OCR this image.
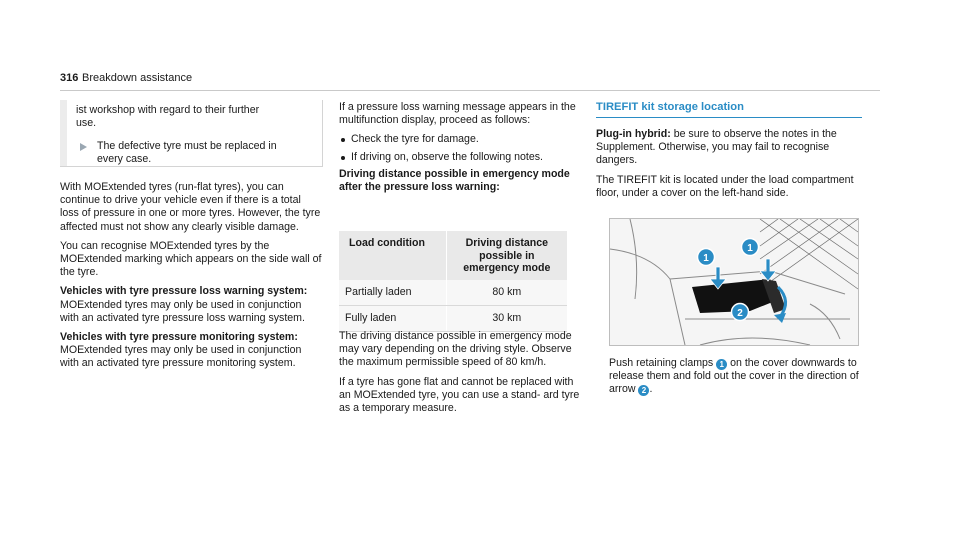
316 Breakdown assistance
ist workshop with regard to their further
use.
The defective tyre must be replaced in
every case.

With MOExtended tyres (run-flat tyres), you can continue to drive your vehicle even if there is a total loss of pressure in one or more tyres. However, the tyre affected must not show any clearly visible damage.

You can recognise MOExtended tyres by the MOExtended marking which appears on the side wall of the tyre.

Vehicles with tyre pressure loss warning system: MOExtended tyres may only be used in conjunction with an activated tyre pressure loss warning system.

Vehicles with tyre pressure monitoring system: MOExtended tyres may only be used in conjunction with an activated tyre pressure monitoring system.

If a pressure loss warning message appears in the multifunction display, proceed as follows:

Check the tyre for damage.
If driving on, observe the following notes.

Driving distance possible in emergency mode after the pressure loss warning:

Load condition	Driving distance possible in emergency mode
Partially laden	80 km
Fully laden	30 km

The driving distance possible in emergency mode may vary depending on the driving style. Observe the maximum permissible speed of 80 km/h.

If a tyre has gone flat and cannot be replaced with an MOExtended tyre, you can use a stand- ard tyre as a temporary measure.

TIREFIT kit storage location

Plug-in hybrid: be sure to observe the notes in the Supplement. Otherwise, you may fail to recognise dangers.

The TIREFIT kit is located under the load compartment floor, under a cover on the left-hand side.

1
1
2

Push retaining clamps 1 on the cover downwards to release them and fold out the cover in the direction of arrow 2 .
